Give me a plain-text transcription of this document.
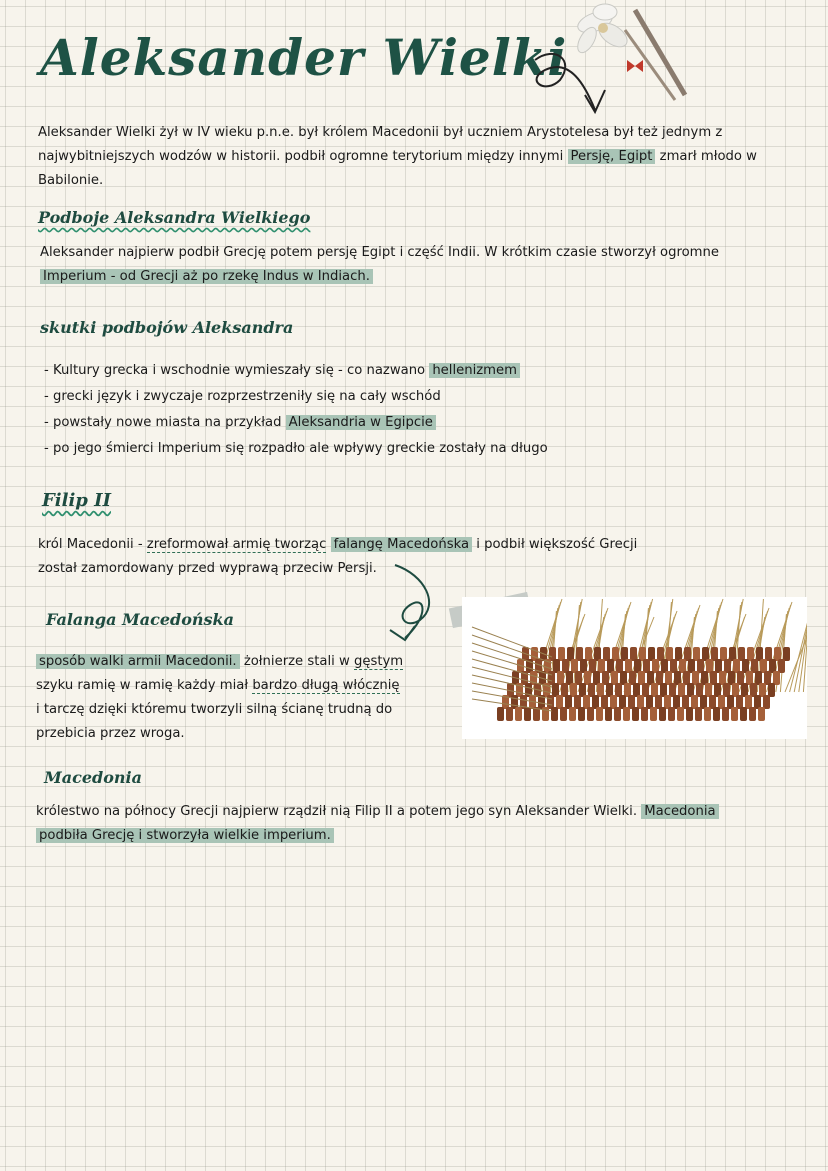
Aleksander Wielki
Aleksander Wielki żył w IV wieku p.n.e. był królem Macedonii był uczniem Arystotelesa był też jednym z
najwybitniejszych wodzów w historii. podbił ogromne terytorium między innymi Persję, Egipt zmarł młodo w
Babilonie.
Podboje Aleksandra Wielkiego
Aleksander najpierw podbił Grecję potem persję Egipt i część Indii. W krótkim czasie stworzył ogromne
Imperium - od Grecji aż po rzekę Indus w Indiach.
skutki podbojów Aleksandra
- Kultury grecka i wschodnie wymieszały się - co nazwano hellenizmem
- grecki język i zwyczaje rozprzestrzeniły się na cały wschód
- powstały nowe miasta na przykład Aleksandria w Egipcie
- po jego śmierci Imperium się rozpadło ale wpływy greckie zostały na długo
Filip II
król Macedonii - zreformował armię tworząc falangę Macedońska i podbił większość Grecji
został zamordowany przed wyprawą przeciw Persji.
Falanga Macedońska
sposób walki armii Macedonii. żołnierze stali w gęstym
szyku ramię w ramię każdy miał bardzo długą włócznię
i tarczę dzięki któremu tworzyli silną ścianę trudną do
przebicia przez wroga.
Macedonia
królestwo na północy Grecji najpierw rządził nią Filip II a potem jego syn Aleksander Wielki. Macedonia
podbiła Grecję i stworzyła wielkie imperium.
